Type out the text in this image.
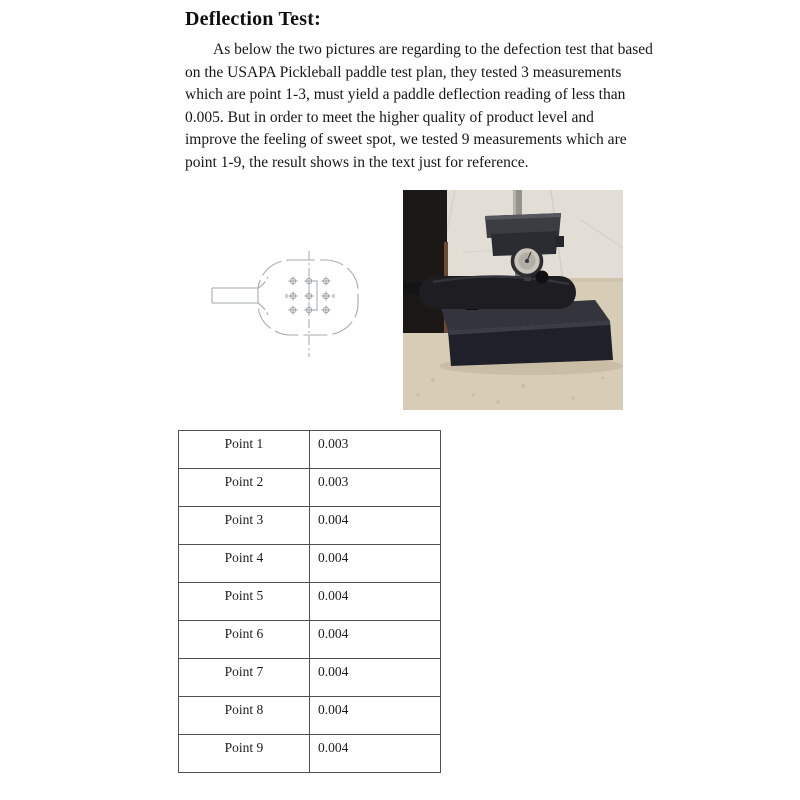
Deflection Test:
As below the two pictures are regarding to the defection test that based
on the USAPA Pickleball paddle test plan, they tested 3 measurements
which are point 1-3, must yield a paddle deflection reading of less than
0.005. But in order to meet the higher quality of product level and
improve the feeling of sweet spot, we tested 9 measurements which are
point 1-9, the result shows in the text just for reference.
Point 1	0.003
Point 2	0.003
Point 3	0.004
Point 4	0.004
Point 5	0.004
Point 6	0.004
Point 7	0.004
Point 8	0.004
Point 9	0.004
